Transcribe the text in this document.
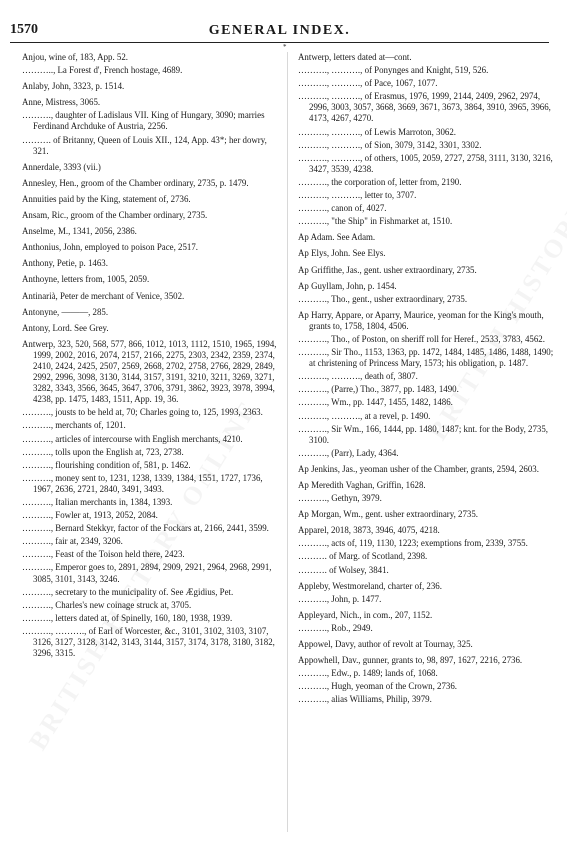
1570	GENERAL INDEX.
*
Anjou, wine of, 183, App. 52.
……….., La Forest d', French hostage, 4689.
Anlaby, John, 3323, p. 1514.
Anne, Mistress, 3065.
………., daughter of Ladislaus VII. King of Hungary, 3090; marries Ferdinand Archduke of Austria, 2256.
………. of Britanny, Queen of Louis XII., 124, App. 43*; her dowry, 321.
Annerdale, 3393 (vii.)
Annesley, Hen., groom of the Chamber ordinary, 2735, p. 1479.
Annuities paid by the King, statement of, 2736.
Ansam, Ric., groom of the Chamber ordinary, 2735.
Anselme, M., 1341, 2056, 2386.
Anthonius, John, employed to poison Pace, 2517.
Anthony, Petie, p. 1463.
Anthoyne, letters from, 1005, 2059.
Antinarià, Peter de merchant of Venice, 3502.
Antonyne, ———, 285.
Antony, Lord. See Grey.
Antwerp, 323, 520, 568, 577, 866, 1012, 1013, 1112, 1510, 1965, 1994, 1999, 2002, 2016, 2074, 2157, 2166, 2275, 2303, 2342, 2359, 2374, 2410, 2424, 2425, 2507, 2569, 2668, 2702, 2758, 2766, 2829, 2849, 2992, 2996, 3098, 3130, 3144, 3157, 3191, 3210, 3211, 3269, 3271, 3282, 3343, 3566, 3645, 3647, 3706, 3791, 3862, 3923, 3978, 3994, 4238, pp. 1475, 1483, 1511, App. 19, 36.
………., jousts to be held at, 70; Charles going to, 125, 1993, 2363.
………., merchants of, 1201.
………., articles of intercourse with English merchants, 4210.
………., tolls upon the English at, 723, 2738.
………., flourishing condition of, 581, p. 1462.
………., money sent to, 1231, 1238, 1339, 1384, 1551, 1727, 1736, 1967, 2636, 2721, 2840, 3491, 3493.
………., Italian merchants in, 1384, 1393.
………., Fowler at, 1913, 2052, 2084.
………., Bernard Stekkyr, factor of the Fockars at, 2166, 2441, 3599.
………., fair at, 2349, 3206.
………., Feast of the Toison held there, 2423.
………., Emperor goes to, 2891, 2894, 2909, 2921, 2964, 2968, 2991, 3085, 3101, 3143, 3246.
………., secretary to the municipality of. See Ægidius, Pet.
………., Charles's new coinage struck at, 3705.
………., letters dated at, of Spinelly, 160, 180, 1938, 1939.
………., ………., of Earl of Worcester, &c., 3101, 3102, 3103, 3107, 3126, 3127, 3128, 3142, 3143, 3144, 3157, 3174, 3178, 3180, 3182, 3296, 3315.
Antwerp, letters dated at—cont.
………., ………., of Ponynges and Knight, 519, 526.
………., ………., of Pace, 1067, 1077.
………., ………., of Erasmus, 1976, 1999, 2144, 2409, 2962, 2974, 2996, 3003, 3057, 3668, 3669, 3671, 3673, 3864, 3910, 3965, 3966, 4173, 4267, 4270.
………., ………., of Lewis Marroton, 3062.
………., ………., of Sion, 3079, 3142, 3301, 3302.
………., ………., of others, 1005, 2059, 2727, 2758, 3111, 3130, 3216, 3427, 3539, 4238.
………., the corporation of, letter from, 2190.
………., ………., letter to, 3707.
………., canon of, 4027.
………., "the Ship" in Fishmarket at, 1510.
Ap Adam. See Adam.
Ap Elys, John. See Elys.
Ap Griffithe, Jas., gent. usher extraordinary, 2735.
Ap Guyllam, John, p. 1454.
………., Tho., gent., usher extraordinary, 2735.
Ap Harry, Appare, or Aparry, Maurice, yeoman for the King's mouth, grants to, 1758, 1804, 4506.
………., Tho., of Poston, on sheriff roll for Heref., 2533, 3783, 4562.
………., Sir Tho., 1153, 1363, pp. 1472, 1484, 1485, 1486, 1488, 1490; at christening of Princess Mary, 1573; his obligation, p. 1487.
………., ………., death of, 3807.
………., (Parre,) Tho., 3877, pp. 1483, 1490.
………., Wm., pp. 1447, 1455, 1482, 1486.
………., ………., at a revel, p. 1490.
………., Sir Wm., 166, 1444, pp. 1480, 1487; knt. for the Body, 2735, 3100.
………., (Parr), Lady, 4364.
Ap Jenkins, Jas., yeoman usher of the Chamber, grants, 2594, 2603.
Ap Meredith Vaghan, Griffin, 1628.
………., Gethyn, 3979.
Ap Morgan, Wm., gent. usher extraordinary, 2735.
Apparel, 2018, 3873, 3946, 4075, 4218.
………., acts of, 119, 1130, 1223; exemptions from, 2339, 3755.
………. of Marg. of Scotland, 2398.
………. of Wolsey, 3841.
Appleby, Westmoreland, charter of, 236.
………., John, p. 1477.
Appleyard, Nich., in com., 207, 1152.
………., Rob., 2949.
Appowel, Davy, author of revolt at Tournay, 325.
Appowhell, Dav., gunner, grants to, 98, 897, 1627, 2216, 2736.
………., Edw., p. 1489; lands of, 1068.
………., Hugh, yeoman of the Crown, 2736.
………., alias Williams, Philip, 3979.
